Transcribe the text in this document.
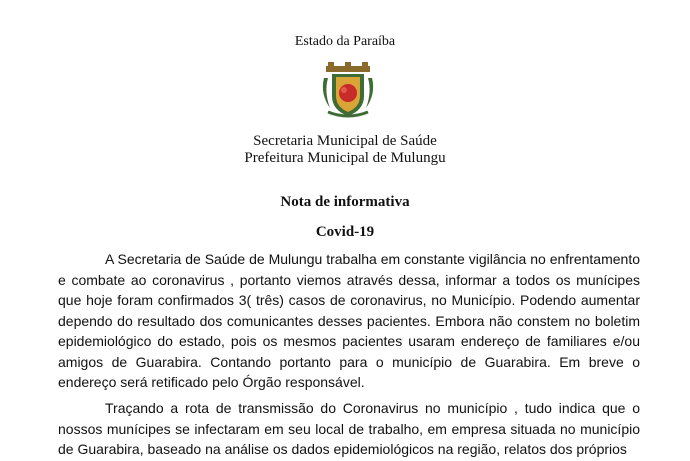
Estado da Paraíba
Secretaria Municipal de Saúde
Prefeitura Municipal de Mulungu
Nota de informativa
Covid-19

A Secretaria de Saúde de Mulungu trabalha em constante vigilância no enfrentamento e combate ao coronavirus , portanto viemos através dessa, informar a todos os munícipes que hoje foram confirmados 3( três) casos de coronavirus, no Município. Podendo aumentar dependo do resultado dos comunicantes desses pacientes. Embora não constem no boletim epidemiológico do estado, pois os mesmos pacientes usaram endereço de familiares e/ou amigos de Guarabira. Contando portanto para o município de Guarabira. Em breve o endereço será retificado pelo Órgão responsável.

Traçando a rota de transmissão do Coronavirus no município , tudo indica que o nossos munícipes se infectaram em seu local de trabalho, em empresa situada no município de Guarabira, baseado na análise os dados epidemiológicos na região, relatos dos próprios
